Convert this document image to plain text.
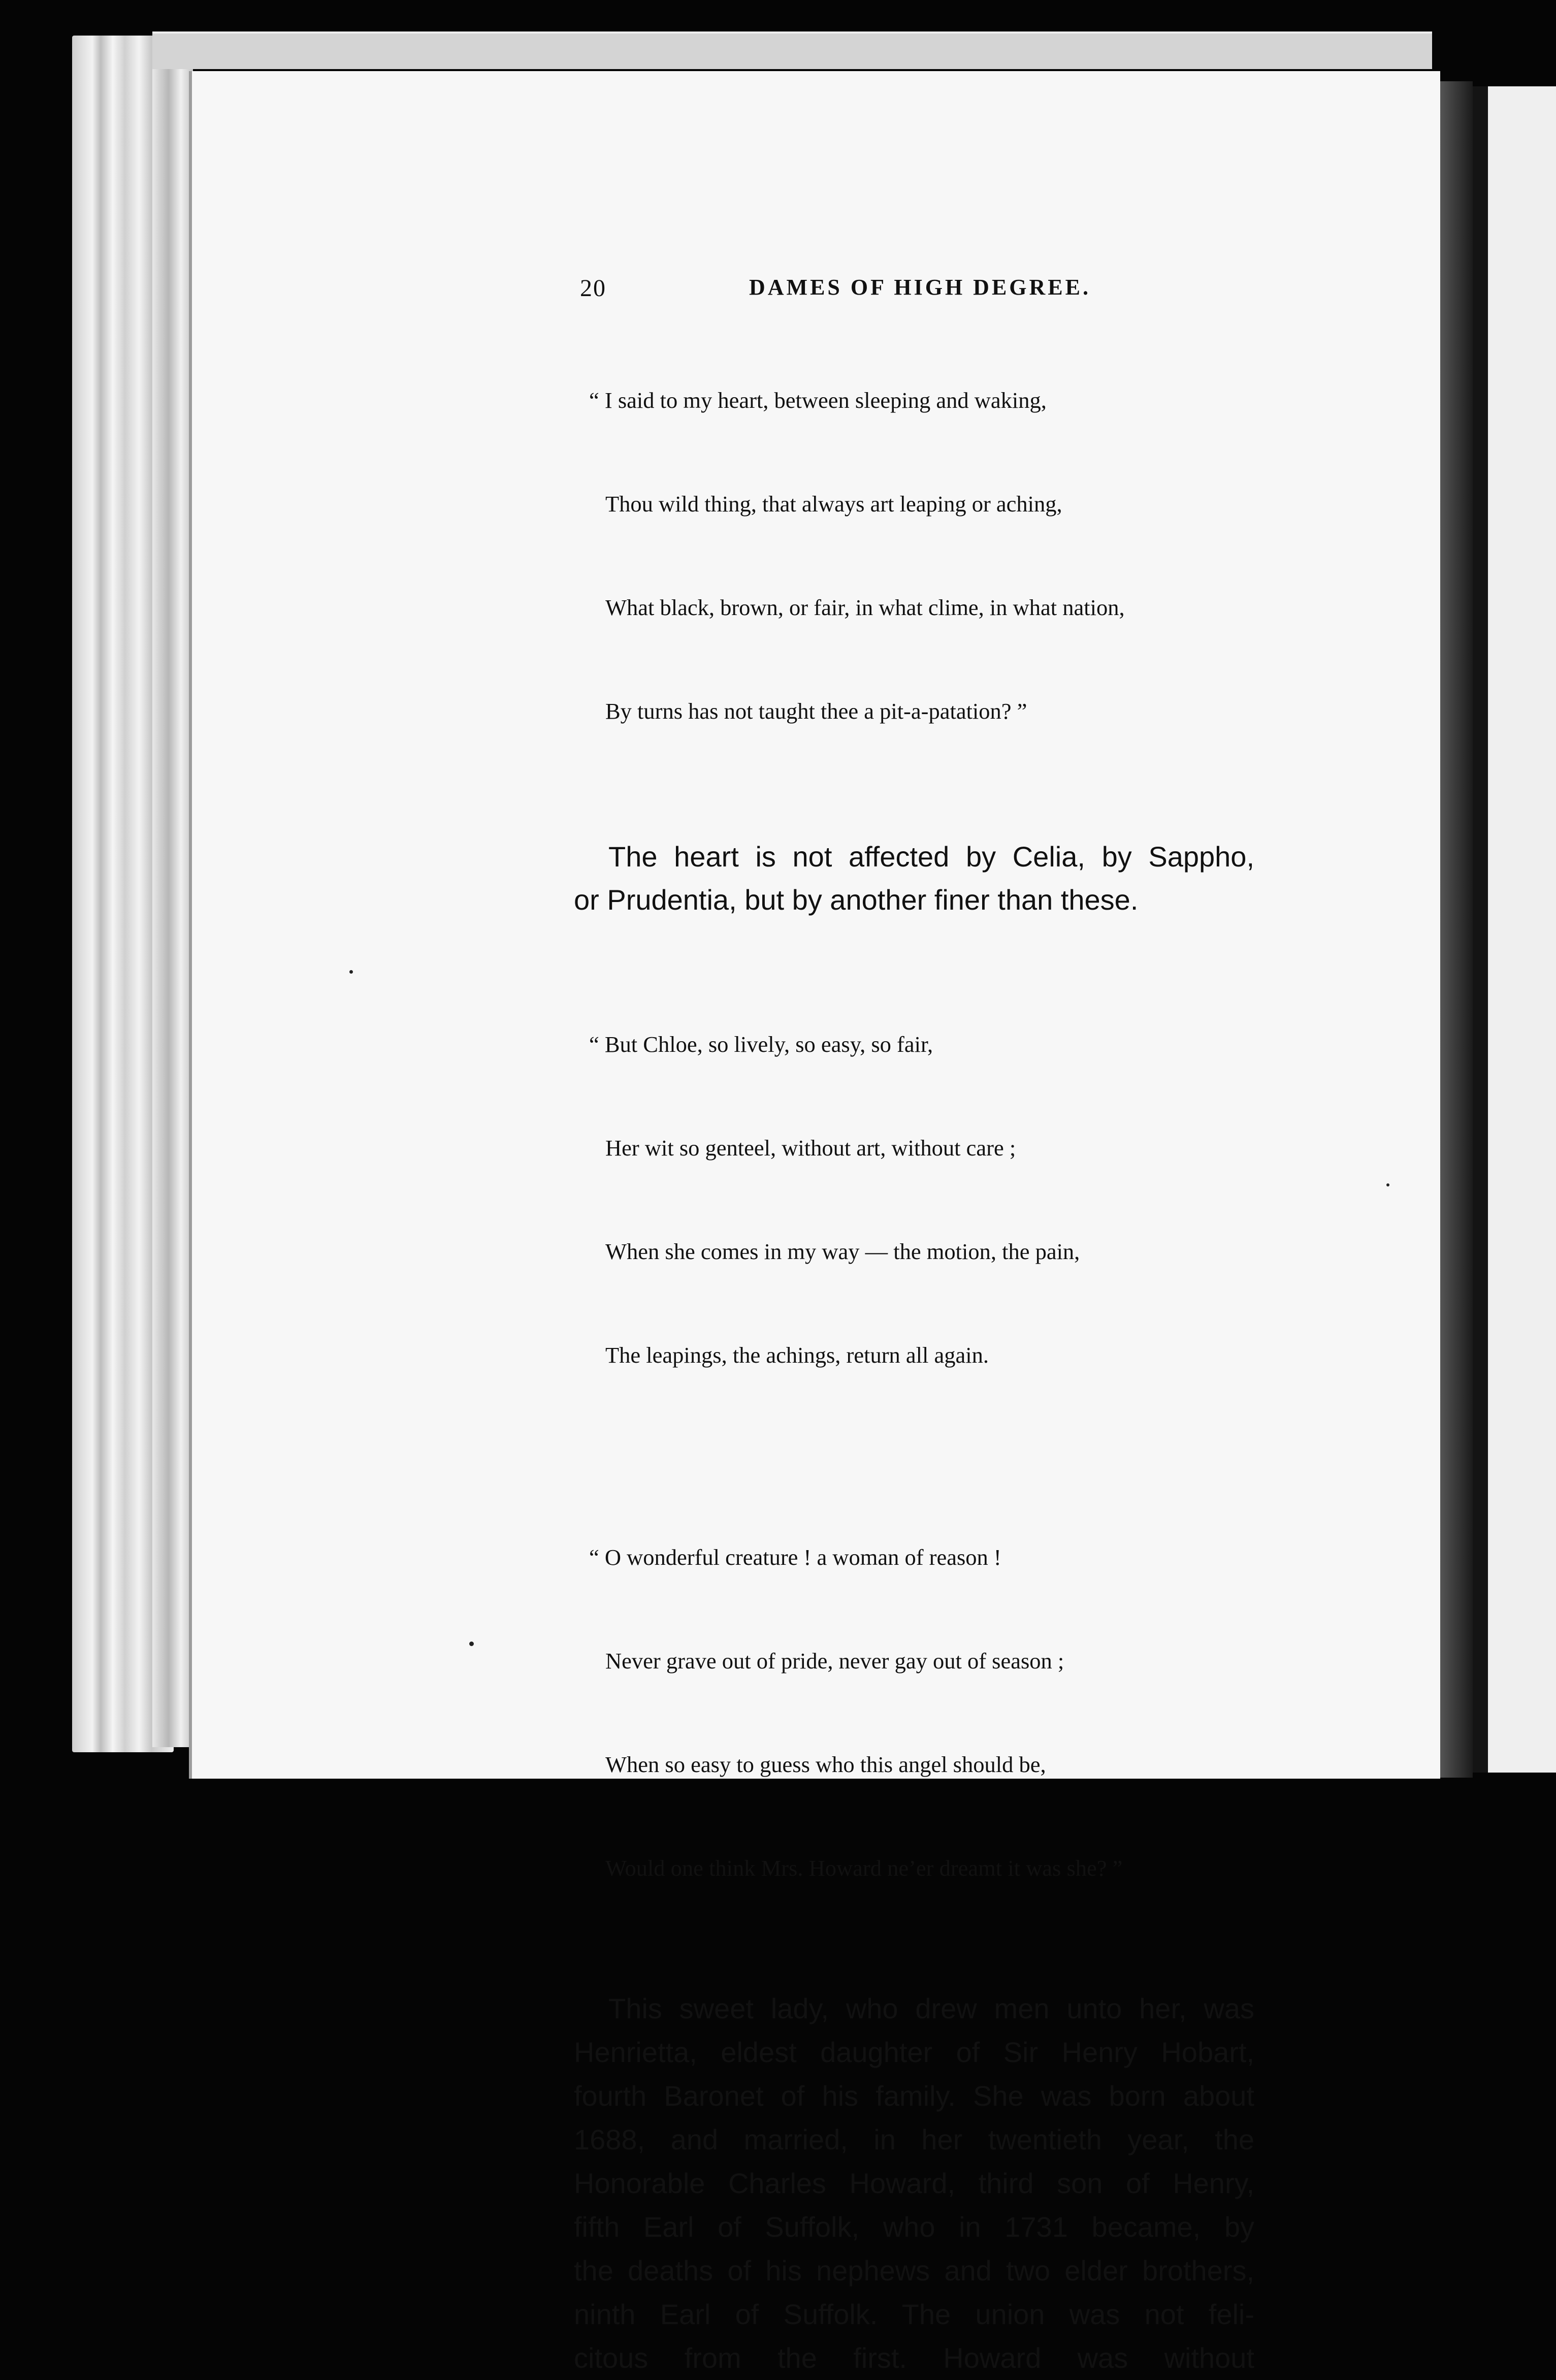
20	DAMES OF HIGH DEGREE.

“ I said to my heart, between sleeping and waking,

Thou wild thing, that always art leaping or aching,

What black, brown, or fair, in what clime, in what nation,

By turns has not taught thee a pit-a-patation? ”

The heart is not affected by Celia, by Sappho,
or Prudentia, but by another finer than these.

“ But Chloe, so lively, so easy, so fair,

Her wit so genteel, without art, without care ;

When she comes in my way — the motion, the pain,

The leapings, the achings, return all again.

“ O wonderful creature ! a woman of reason !

Never grave out of pride, never gay out of season ;

When so easy to guess who this angel should be,

Would one think Mrs. Howard ne’er dreamt it was she? ”

This sweet lady, who drew men unto her, was
Henrietta, eldest daughter of Sir Henry Hobart,
fourth Baronet of his family. She was born about
1688, and married, in her twentieth year, the
Honorable Charles Howard, third son of Henry,
fifth Earl of Suffolk, who in 1731 became, by
the deaths of his nephews and two elder brothers,
ninth Earl of Suffolk. The union was not feli-
citous from the first. Howard was without
